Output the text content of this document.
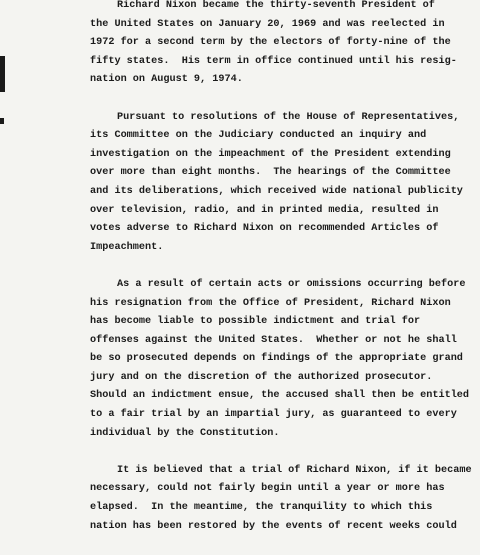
Richard Nixon became the thirty-seventh President of
the United States on January 20, 1969 and was reelected in
1972 for a second term by the electors of forty-nine of the
fifty states.  His term in office continued until his resig-
nation on August 9, 1974.
Pursuant to resolutions of the House of Representatives,
its Committee on the Judiciary conducted an inquiry and
investigation on the impeachment of the President extending
over more than eight months.  The hearings of the Committee
and its deliberations, which received wide national publicity
over television, radio, and in printed media, resulted in
votes adverse to Richard Nixon on recommended Articles of
Impeachment.
As a result of certain acts or omissions occurring before
his resignation from the Office of President, Richard Nixon
has become liable to possible indictment and trial for
offenses against the United States.  Whether or not he shall
be so prosecuted depends on findings of the appropriate grand
jury and on the discretion of the authorized prosecutor.
Should an indictment ensue, the accused shall then be entitled
to a fair trial by an impartial jury, as guaranteed to every
individual by the Constitution.
It is believed that a trial of Richard Nixon, if it became
necessary, could not fairly begin until a year or more has
elapsed.  In the meantime, the tranquility to which this
nation has been restored by the events of recent weeks could
